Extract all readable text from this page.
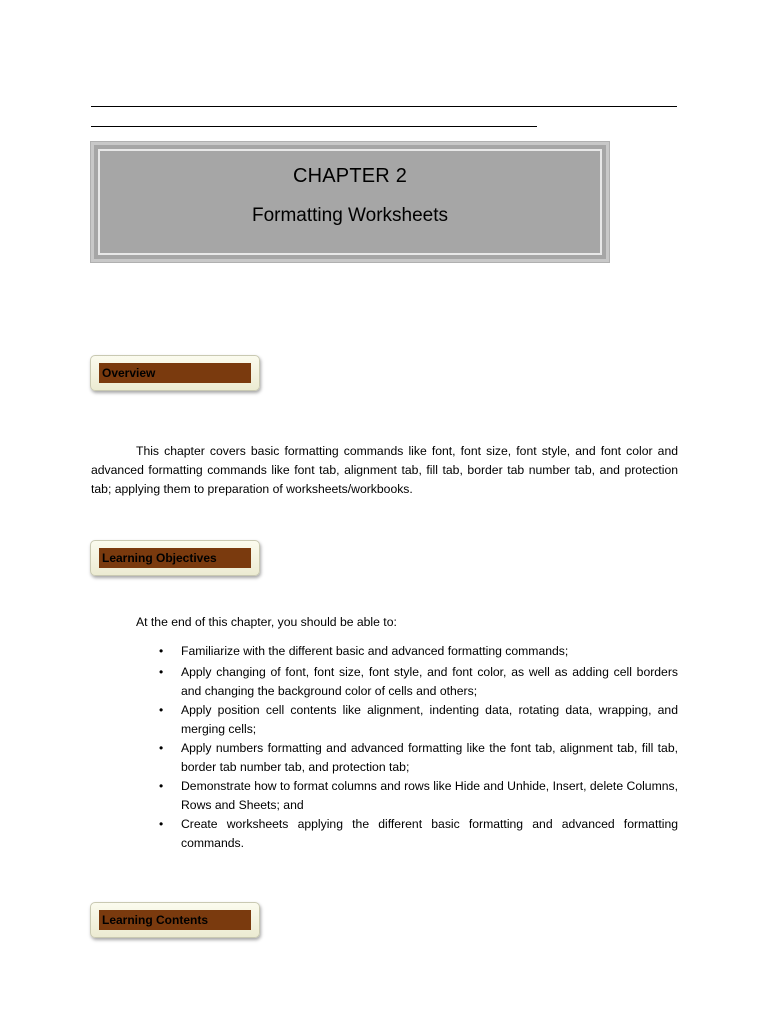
CHAPTER 2
Formatting Worksheets
Overview

This chapter covers basic formatting commands like font, font size, font style, and font color and advanced formatting commands like font tab, alignment tab, fill tab, border tab number tab, and protection tab; applying them to preparation of worksheets/workbooks.

Learning Objectives
At the end of this chapter, you should be able to:
• Familiarize with the different basic and advanced formatting commands;
• Apply changing of font, font size, font style, and font color, as well as adding cell borders and changing the background color of cells and others;
• Apply position cell contents like alignment, indenting data, rotating data, wrapping, and merging cells;
• Apply numbers formatting and advanced formatting like the font tab, alignment tab, fill tab, border tab number tab, and protection tab;
• Demonstrate how to format columns and rows like Hide and Unhide, Insert, delete Columns, Rows and Sheets; and
• Create worksheets applying the different basic formatting and advanced formatting commands.
Learning Contents
